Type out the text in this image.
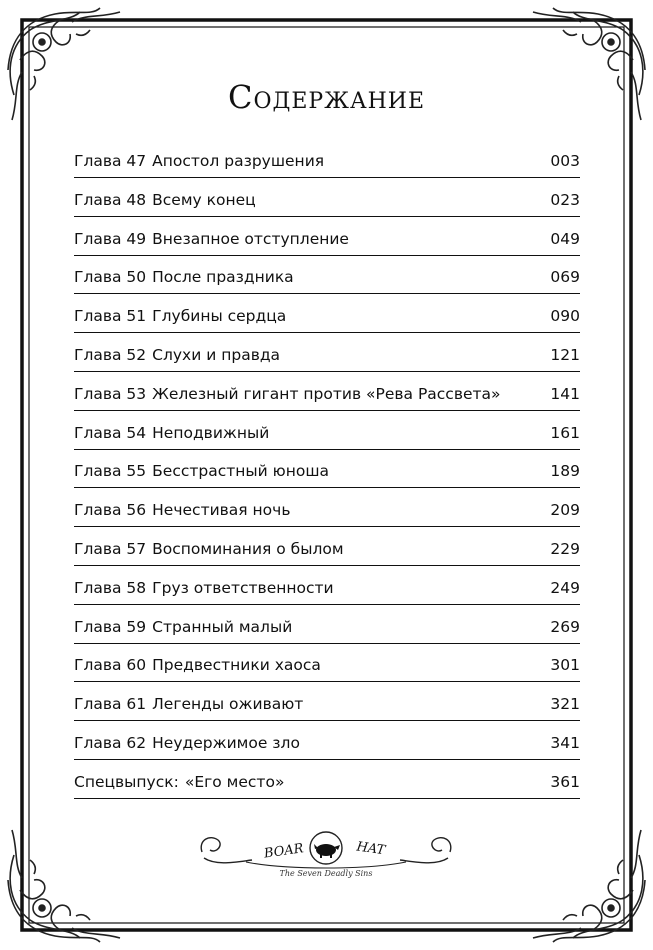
Содержание
Глава 47 Апостол разрушения	003
Глава 48 Всему конец	023
Глава 49 Внезапное отступление	049
Глава 50 После праздника	069
Глава 51 Глубины сердца	090
Глава 52 Слухи и правда	121
Глава 53 Железный гигант против «Рева Рассвета»	141
Глава 54 Неподвижный	161
Глава 55 Бесстрастный юноша	189
Глава 56 Нечестивая ночь	209
Глава 57 Воспоминания о былом	229
Глава 58 Груз ответственности	249
Глава 59 Странный малый	269
Глава 60 Предвестники хаоса	301
Глава 61 Легенды оживают	321
Глава 62 Неудержимое зло	341
Спецвыпуск: «Его место»	361
BOAR	HAT
The Seven Deadly Sins
